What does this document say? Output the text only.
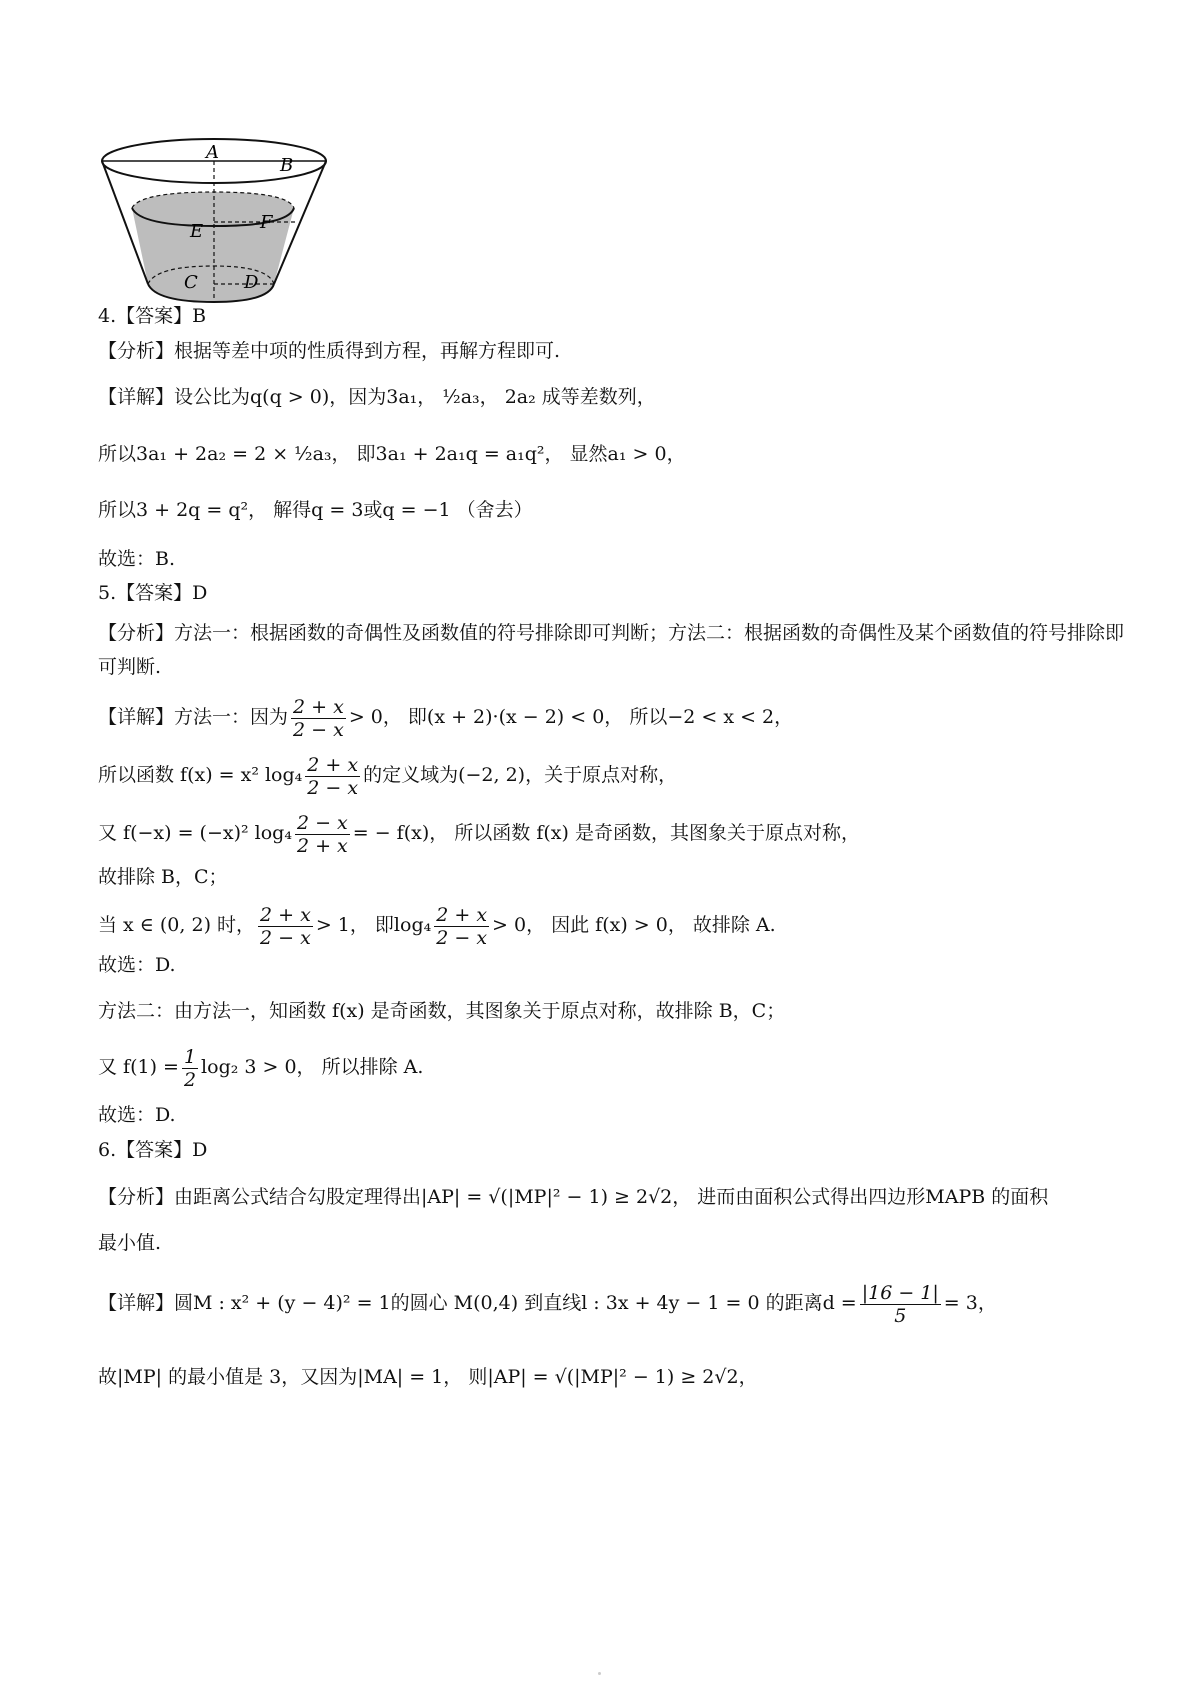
A
B
E	F
C	D
4.【答案】B
【分析】根据等差中项的性质得到方程，再解方程即可.
【详解】设公比为q(q > 0)，因为3a₁， ½a₃， 2a₂ 成等差数列，
所以3a₁ + 2a₂ = 2 × ½a₃， 即3a₁ + 2a₁q = a₁q²， 显然a₁ > 0，
所以3 + 2q = q²， 解得q = 3或q = −1 （舍去）
故选：B.
5.【答案】D
【分析】方法一：根据函数的奇偶性及函数值的符号排除即可判断；方法二：根据函数的奇偶性及某个函数值的符号排除即可判断.
【详解】方法一：因为 $\frac{2 + x}{2 - x} > 0$， 即(x + 2)·(x − 2) < 0， 所以−2 < x < 2，
所以函数 f(x) = x² $\log_4 \frac{2 + x}{2 - x}$ 的定义域为(−2, 2)，关于原点对称，
又 f(−x) = (−x)² $\log_4 \frac{2 - x}{2 + x}$ = − f(x)， 所以函数 f(x) 是奇函数，其图象关于原点对称，
故排除 B，C；
当 x ∈ (0, 2) 时， $\frac{2 + x}{2 - x} > 1$， 即$\log_4 \frac{2 + x}{2 - x} > 0$， 因此 f(x) > 0， 故排除 A.
故选：D.
方法二：由方法一，知函数 f(x) 是奇函数，其图象关于原点对称，故排除 B，C；
又 $f(1) = \frac{1}{2} \log_2$ 3 > 0， 所以排除 A.
故选：D.
6.【答案】D
【分析】由距离公式结合勾股定理得出|AP| = √(|MP|² − 1) ≥ 2√2， 进而由面积公式得出四边形MAPB 的面积
最小值.
【详解】圆M : x² + (y − 4)² = 1的圆心 M(0,4) 到直线l : 3x + 4y − 1 = 0 的距离$d = \frac{|16 - 1|}{5} = 3$，
故|MP| 的最小值是 3，又因为|MA| = 1， 则|AP| = √(|MP|² − 1) ≥ 2√2，
